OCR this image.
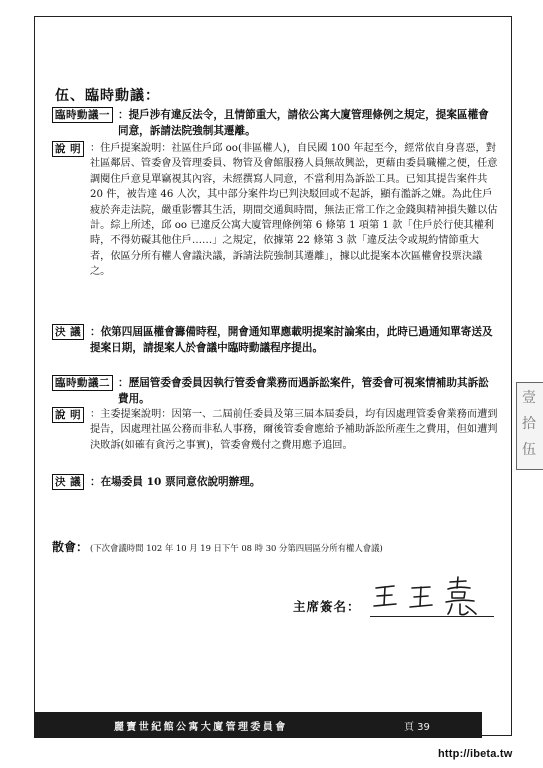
伍、臨時動議：
臨時動議一 ：提戶涉有違反法令，且情節重大，請依公寓大廈管理條例之規定，提案區權會同意，訴請法院強制其遷離。
說 明 ：住戶提案說明：社區住戶邱 oo(非區權人)，自民國 100 年起至今，經常依自身喜惡，對社區鄰居、管委會及管理委員、物管及會館服務人員無故興訟，更藉由委員職權之便，任意調閱住戶意見單竊視其內容，未經撰寫人同意，不當利用為訴訟工具。已知其提告案件共 20 件，被告達 46 人次，其中部分案件均已判決駁回或不起訴，顯有濫訴之嫌。為此住戶疲於奔走法院，嚴重影響其生活，期間交通與時間，無法正常工作之金錢與精神損失難以估計。綜上所述，邱 oo 已違反公寓大廈管理條例第 6 條第 1 項第 1 款「住戶於行使其權利時，不得妨礙其他住戶……」之規定，依據第 22 條第 3 款「違反法令或規約情節重大者，依區分所有權人會議決議，訴請法院強制其遷離」，據以此提案本次區權會投票決議之。
決 議 ：依第四屆區權會籌備時程，開會通知單應載明提案討論案由，此時已過通知單寄送及提案日期，請提案人於會議中臨時動議程序提出。
臨時動議二 ：歷屆管委會委員因執行管委會業務而遇訴訟案件，管委會可視案情補助其訴訟費用。
說 明 ：主委提案說明：因第一、二屆前任委員及第三屆本屆委員，均有因處理管委會業務而遭到提告，因處理社區公務而非私人事務，爾後管委會應給予補助訴訟所產生之費用，但如遭判決敗訴(如確有貪污之事實)，管委會幾付之費用應予追回。
決 議 ：在場委員 10 票同意依說明辦理。
散會： (下次會議時間 102 年 10 月 19 日下午 08 時 30 分第四屆區分所有權人會議)
主席簽名：
麗寶世紀館公寓大廈管理委員會	頁 39
壹
拾
伍
http://ibeta.tw
